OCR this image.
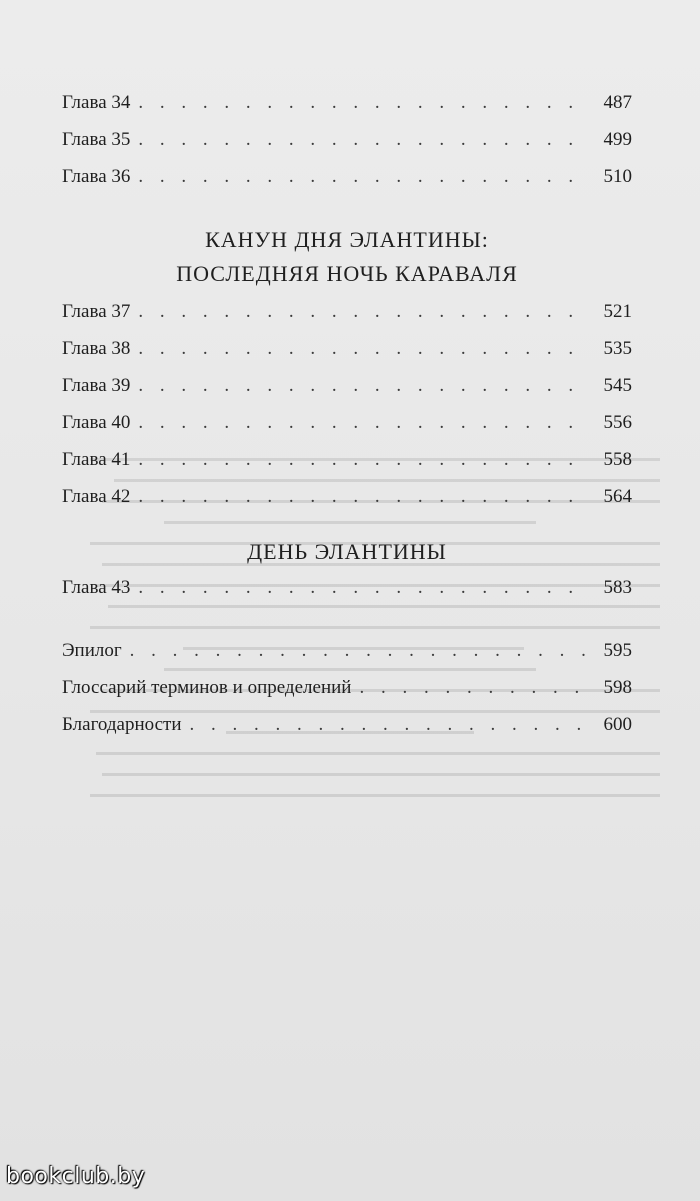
Глава 34 . . .	487
Глава 35 . . .	499
Глава 36 . . .	510
КАНУН ДНЯ ЭЛАНТИНЫ:
ПОСЛЕДНЯЯ НОЧЬ КАРАВАЛЯ
Глава 37 . . .	521
Глава 38 . . .	535
Глава 39 . . .	545
Глава 40 . . .	556
Глава 41 . . .	558
Глава 42 . . .	564
ДЕНЬ ЭЛАНТИНЫ
Глава 43 . . .	583
Эпилог . . .	595
Глоссарий терминов и определений . . .	598
Благодарности . . .	600
bookclub.by
